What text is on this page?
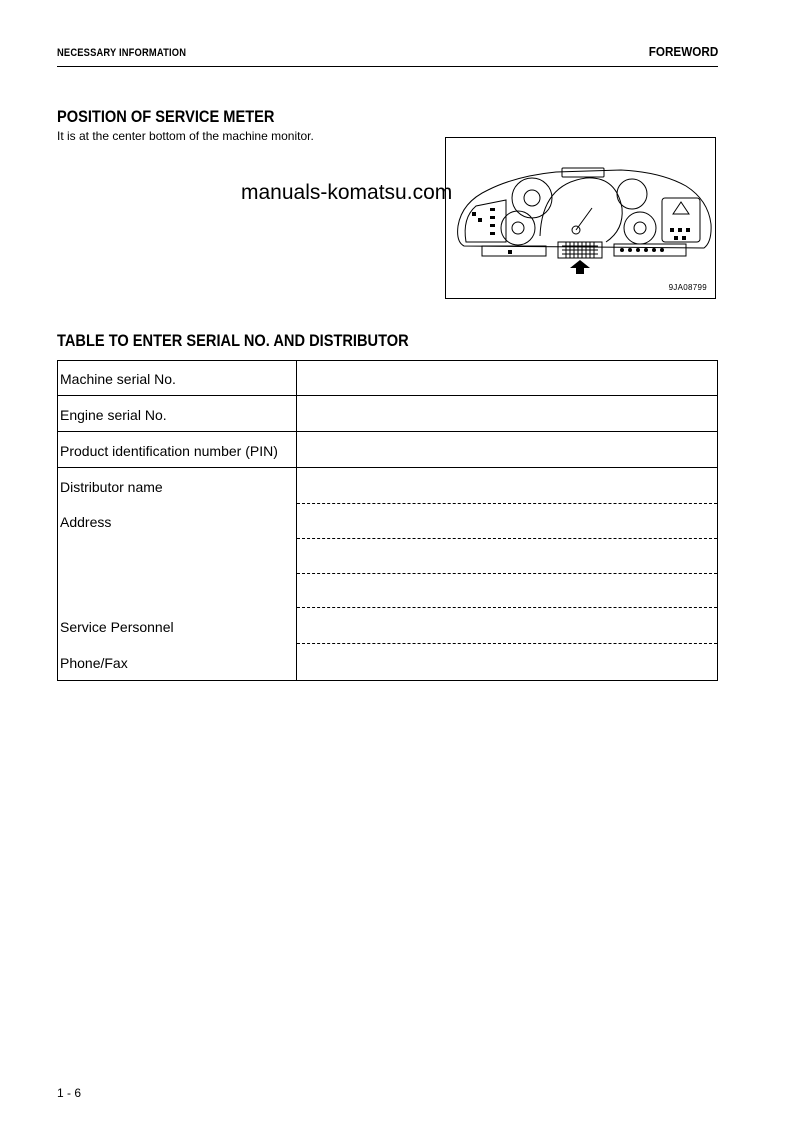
NECESSARY INFORMATION	FOREWORD
POSITION OF SERVICE METER
It is at the center bottom of the machine monitor.
9JA08799
manuals-komatsu.com
TABLE TO ENTER SERIAL NO. AND DISTRIBUTOR
Machine serial No.
Engine serial No.
Product identification number (PIN)
Distributor name
Address
Service Personnel
Phone/Fax
1 - 6
